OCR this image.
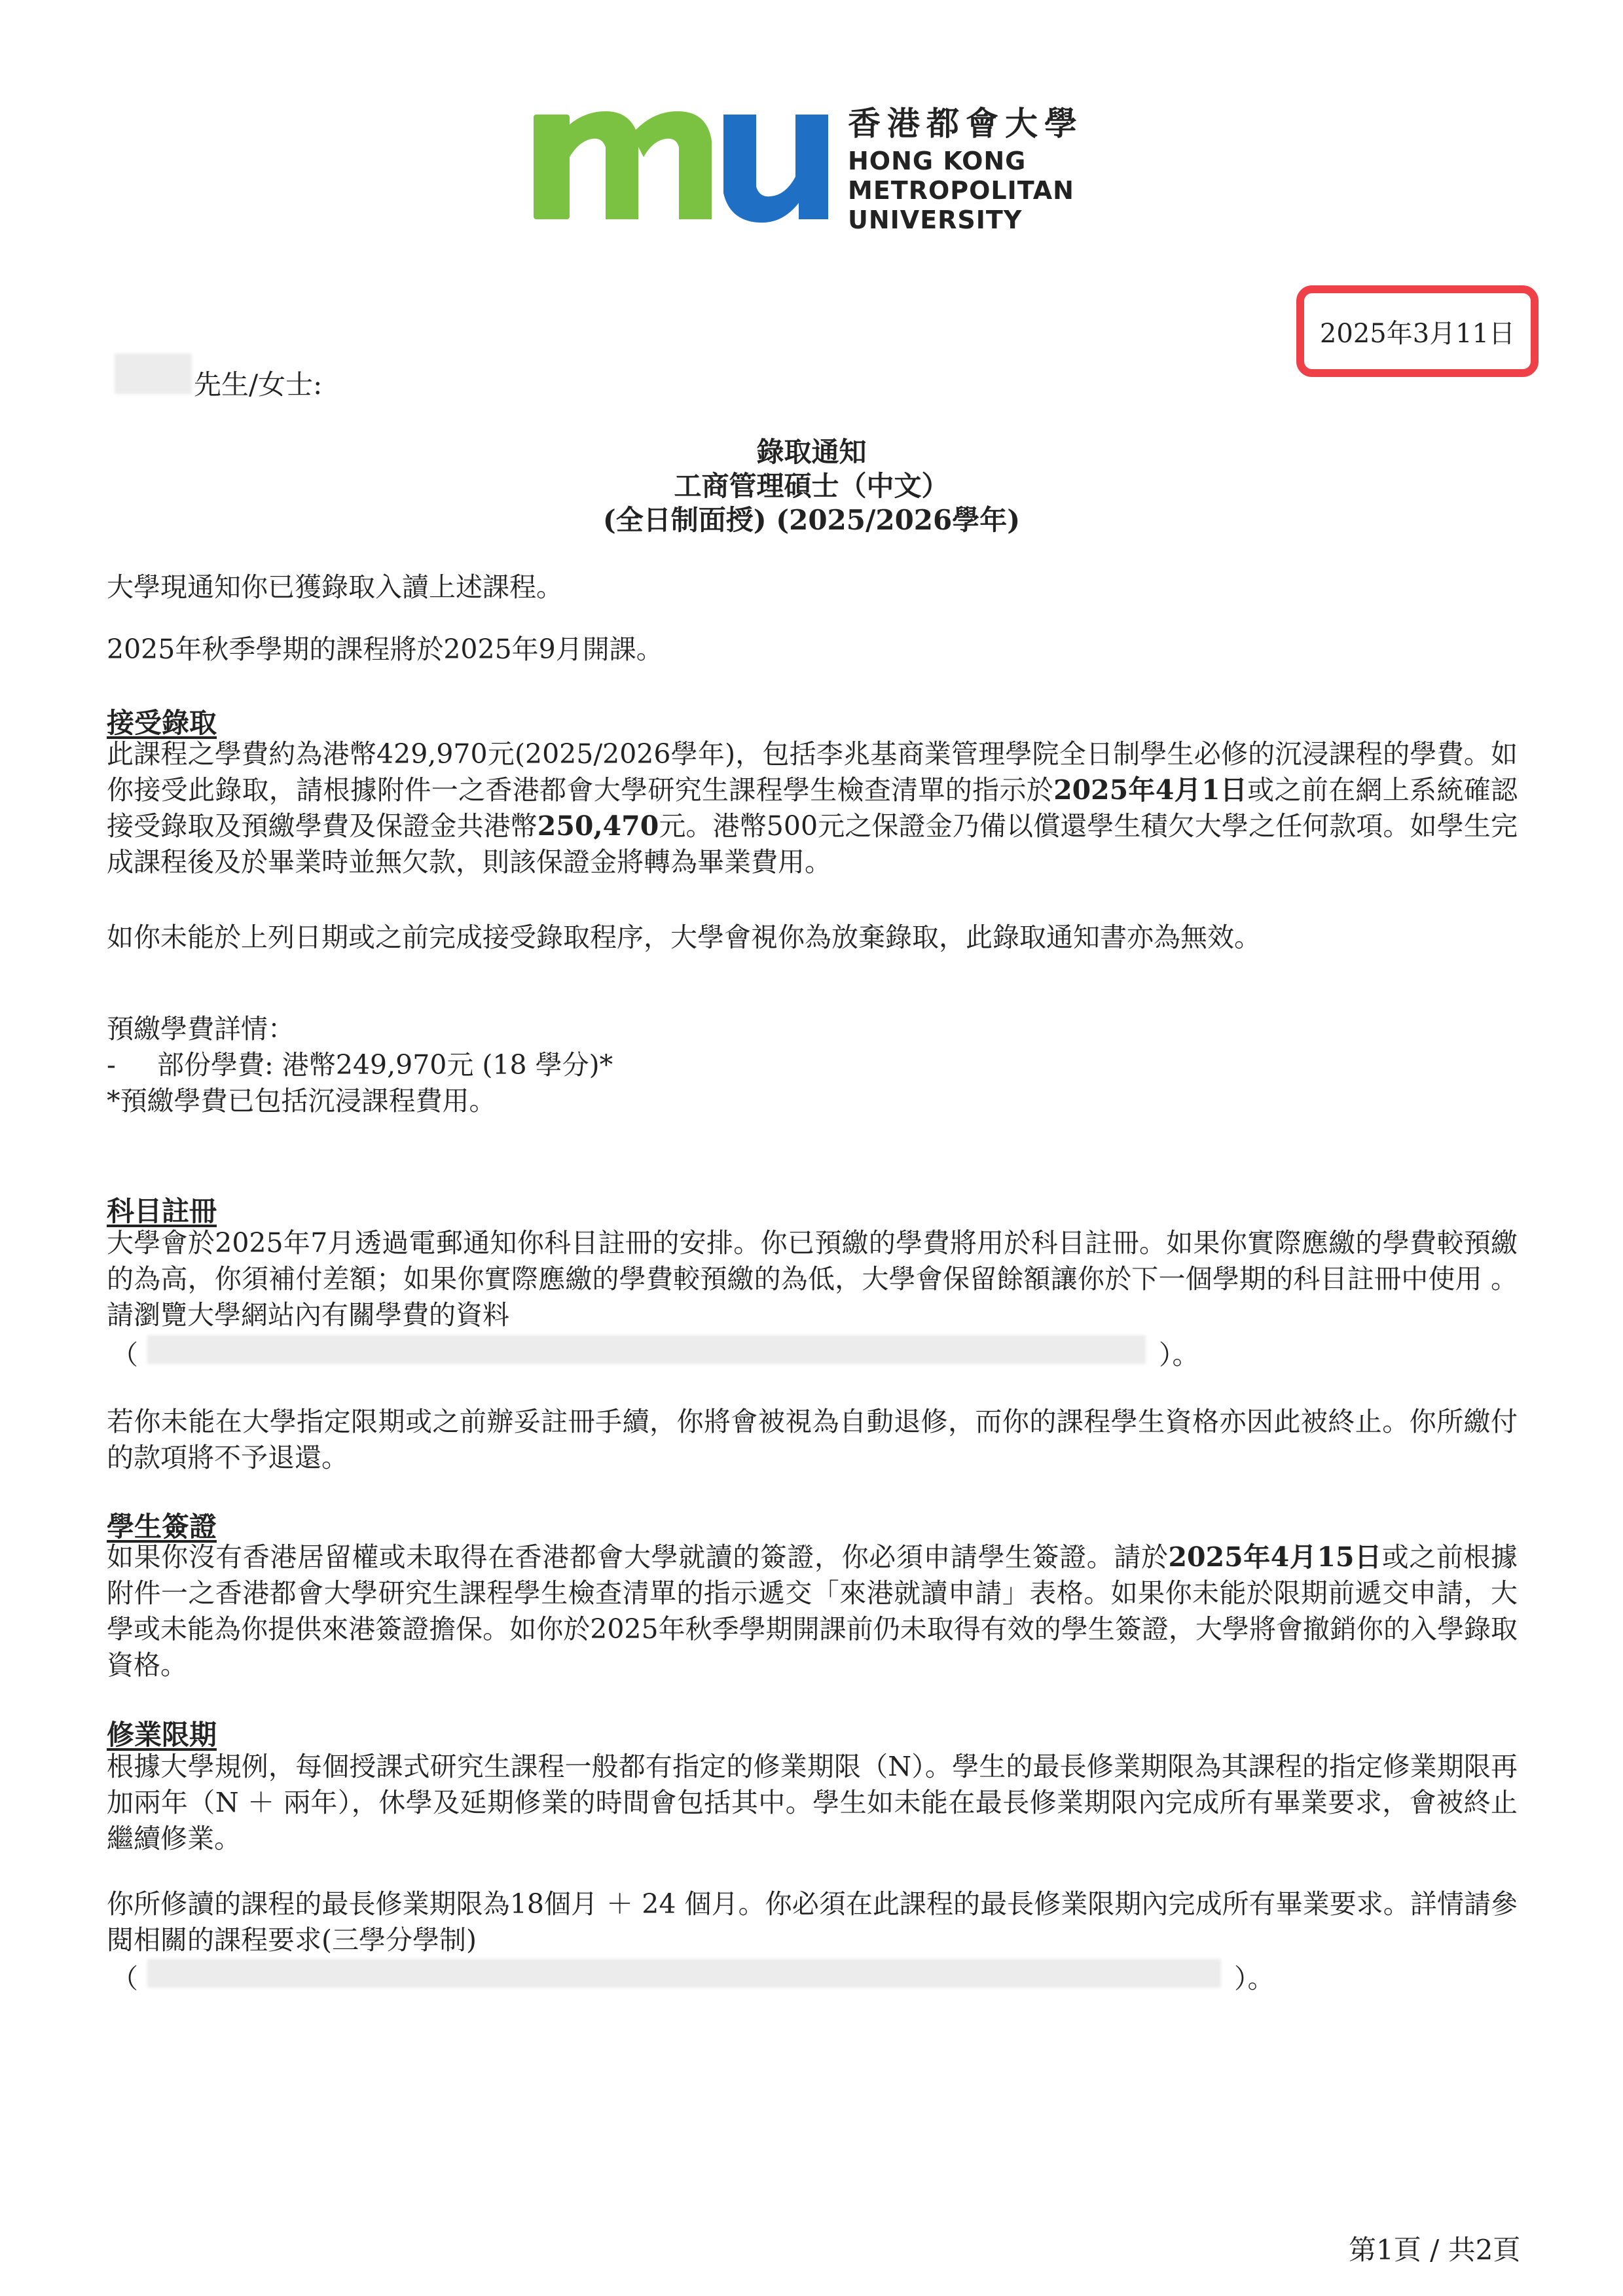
香港都會大學
HONG KONG
METROPOLITAN
UNIVERSITY
2025年3月11日
先生/女士:
錄取通知
工商管理碩士（中文）
(全日制面授) (2025/2026學年)
大學現通知你已獲錄取入讀上述課程。
2025年秋季學期的課程將於2025年9月開課。
接受錄取
此課程之學費約為港幣429,970元(2025/2026學年)，包括李兆基商業管理學院全日制學生必修的沉浸課程的學費。如你接受此錄取，請根據附件一之香港都會大學研究生課程學生檢查清單的指示於2025年4月1日或之前在網上系統確認接受錄取及預繳學費及保證金共港幣250,470元。港幣500元之保證金乃備以償還學生積欠大學之任何款項。如學生完成課程後及於畢業時並無欠款，則該保證金將轉為畢業費用。
如你未能於上列日期或之前完成接受錄取程序，大學會視你為放棄錄取，此錄取通知書亦為無效。
預繳學費詳情：
- 部份學費: 港幣249,970元 (18 學分)*
*預繳學費已包括沉浸課程費用。
科目註冊
大學會於2025年7月透過電郵通知你科目註冊的安排。你已預繳的學費將用於科目註冊。如果你實際應繳的學費較預繳的為高，你須補付差額；如果你實際應繳的學費較預繳的為低，大學會保留餘額讓你於下一個學期的科目註冊中使用 。請瀏覽大學網站內有關學費的資料
（	）。
若你未能在大學指定限期或之前辦妥註冊手續，你將會被視為自動退修，而你的課程學生資格亦因此被終止。你所繳付的款項將不予退還。
學生簽證
如果你沒有香港居留權或未取得在香港都會大學就讀的簽證，你必須申請學生簽證。請於2025年4月15日或之前根據附件一之香港都會大學研究生課程學生檢查清單的指示遞交「來港就讀申請」表格。如果你未能於限期前遞交申請，大學或未能為你提供來港簽證擔保。如你於2025年秋季學期開課前仍未取得有效的學生簽證，大學將會撤銷你的入學錄取資格。
修業限期
根據大學規例，每個授課式研究生課程一般都有指定的修業期限（N）。學生的最長修業期限為其課程的指定修業期限再加兩年（N ＋ 兩年），休學及延期修業的時間會包括其中。學生如未能在最長修業期限內完成所有畢業要求，會被終止繼續修業。
你所修讀的課程的最長修業期限為18個月 ＋ 24 個月。你必須在此課程的最長修業限期內完成所有畢業要求。詳情請參閱相關的課程要求(三學分學制)
（	）。
第1頁 / 共2頁
